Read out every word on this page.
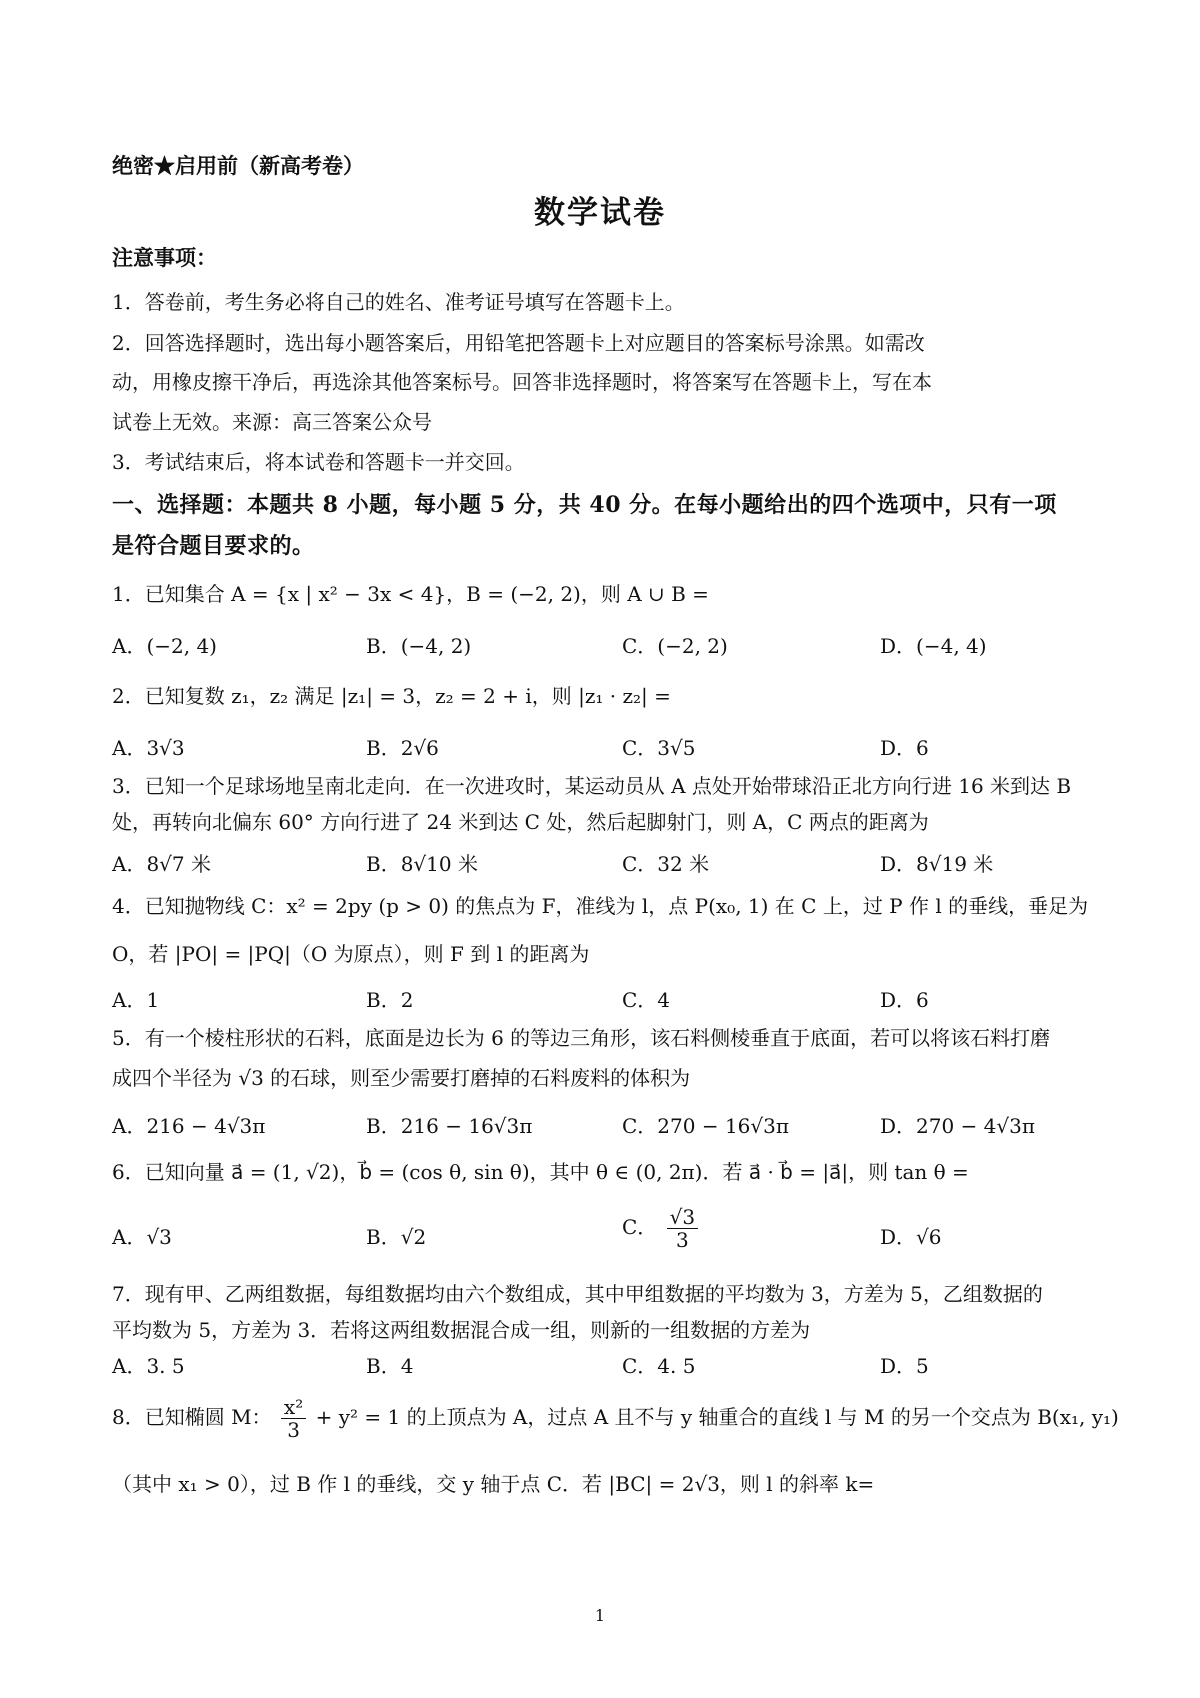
绝密★启用前（新高考卷）
数学试卷
注意事项：
1．答卷前，考生务必将自己的姓名、准考证号填写在答题卡上。
2．回答选择题时，选出每小题答案后，用铅笔把答题卡上对应题目的答案标号涂黑。如需改
动，用橡皮擦干净后，再选涂其他答案标号。回答非选择题时，将答案写在答题卡上，写在本
试卷上无效。来源：高三答案公众号
3．考试结束后，将本试卷和答题卡一并交回。
一、选择题：本题共 8 小题，每小题 5 分，共 40 分。在每小题给出的四个选项中，只有一项
是符合题目要求的。
1．已知集合 A = {x | x² − 3x < 4}，B = (−2, 2)，则 A ∪ B =
A．(−2, 4)	B．(−4, 2)	C．(−2, 2)	D．(−4, 4)
2．已知复数 z₁，z₂ 满足 |z₁| = 3，z₂ = 2 + i，则 |z₁ · z₂| =
A．3√3	B．2√6	C．3√5	D．6
3．已知一个足球场地呈南北走向．在一次进攻时，某运动员从 A 点处开始带球沿正北方向行进 16 米到达 B
处，再转向北偏东 60° 方向行进了 24 米到达 C 处，然后起脚射门，则 A，C 两点的距离为
A．8√7 米	B．8√10 米	C．32 米	D．8√19 米
4．已知抛物线 C：x² = 2py (p > 0) 的焦点为 F，准线为 l，点 P(x₀, 1) 在 C 上，过 P 作 l 的垂线，垂足为
O，若 |PO| = |PQ|（O 为原点），则 F 到 l 的距离为
A．1	B．2	C．4	D．6
5．有一个棱柱形状的石料，底面是边长为 6 的等边三角形，该石料侧棱垂直于底面，若可以将该石料打磨
成四个半径为 √3 的石球，则至少需要打磨掉的石料废料的体积为
A．216 − 4√3π	B．216 − 16√3π	C．270 − 16√3π	D．270 − 4√3π
6．已知向量 a⃗ = (1, √2)，b⃗ = (cos θ, sin θ)，其中 θ ∈ (0, 2π)．若 a⃗ · b⃗ = |a⃗|，则 tan θ =
A．√3	B．√2	C． $\frac{√3}{3}$	D．√6
7．现有甲、乙两组数据，每组数据均由六个数组成，其中甲组数据的平均数为 3，方差为 5，乙组数据的
平均数为 5，方差为 3．若将这两组数据混合成一组，则新的一组数据的方差为
A．3. 5	B．4	C．4. 5	D．5
8．已知椭圆 M： $\frac{\text{x²}}{3} + y^2 = 1$ 的上顶点为 A，过点 A 且不与 y 轴重合的直线 l 与 M 的另一个交点为 B(x₁, y₁)
（其中 x₁ > 0），过 B 作 l 的垂线，交 y 轴于点 C．若 |BC| = 2√3，则 l 的斜率 k=
1
